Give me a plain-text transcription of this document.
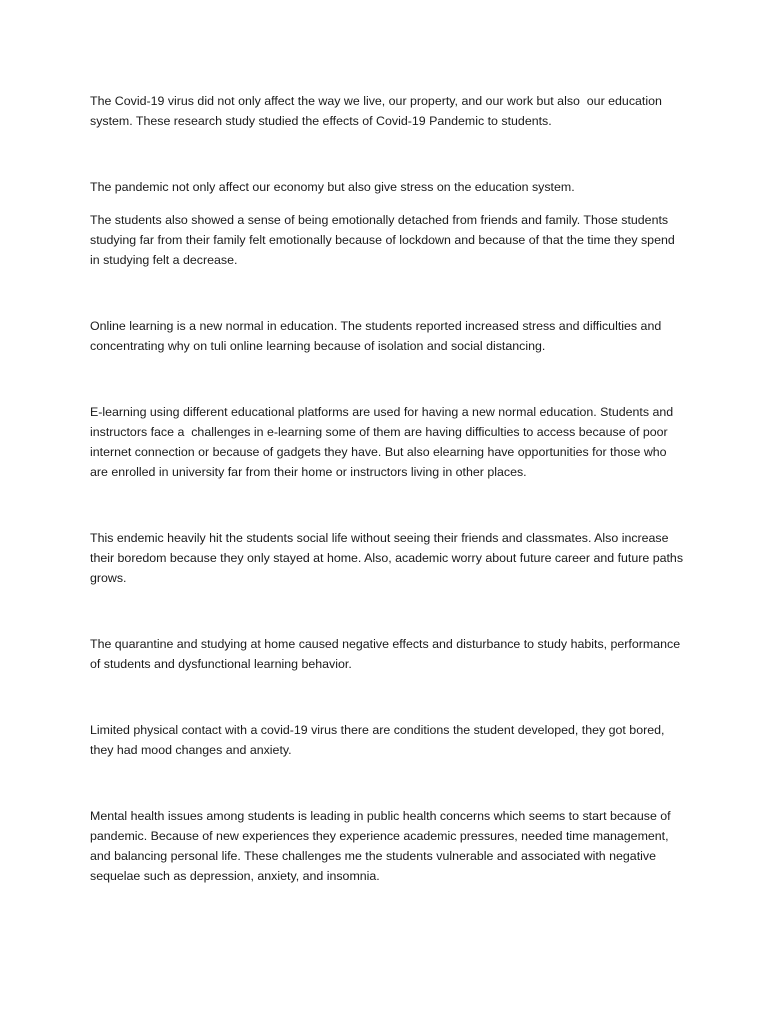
The Covid-19 virus did not only affect the way we live, our property, and our work but also  our education system. These research study studied the effects of Covid-19 Pandemic to students.

The pandemic not only affect our economy but also give stress on the education system.

The students also showed a sense of being emotionally detached from friends and family. Those students studying far from their family felt emotionally because of lockdown and because of that the time they spend in studying felt a decrease.

Online learning is a new normal in education. The students reported increased stress and difficulties and concentrating why on tuli online learning because of isolation and social distancing.

E-learning using different educational platforms are used for having a new normal education. Students and instructors face a  challenges in e-learning some of them are having difficulties to access because of poor internet connection or because of gadgets they have. But also elearning have opportunities for those who are enrolled in university far from their home or instructors living in other places.

This endemic heavily hit the students social life without seeing their friends and classmates. Also increase their boredom because they only stayed at home. Also, academic worry about future career and future paths grows.

The quarantine and studying at home caused negative effects and disturbance to study habits, performance of students and dysfunctional learning behavior.

Limited physical contact with a covid-19 virus there are conditions the student developed, they got bored, they had mood changes and anxiety.

Mental health issues among students is leading in public health concerns which seems to start because of pandemic. Because of new experiences they experience academic pressures, needed time management, and balancing personal life. These challenges me the students vulnerable and associated with negative sequelae such as depression, anxiety, and insomnia.
